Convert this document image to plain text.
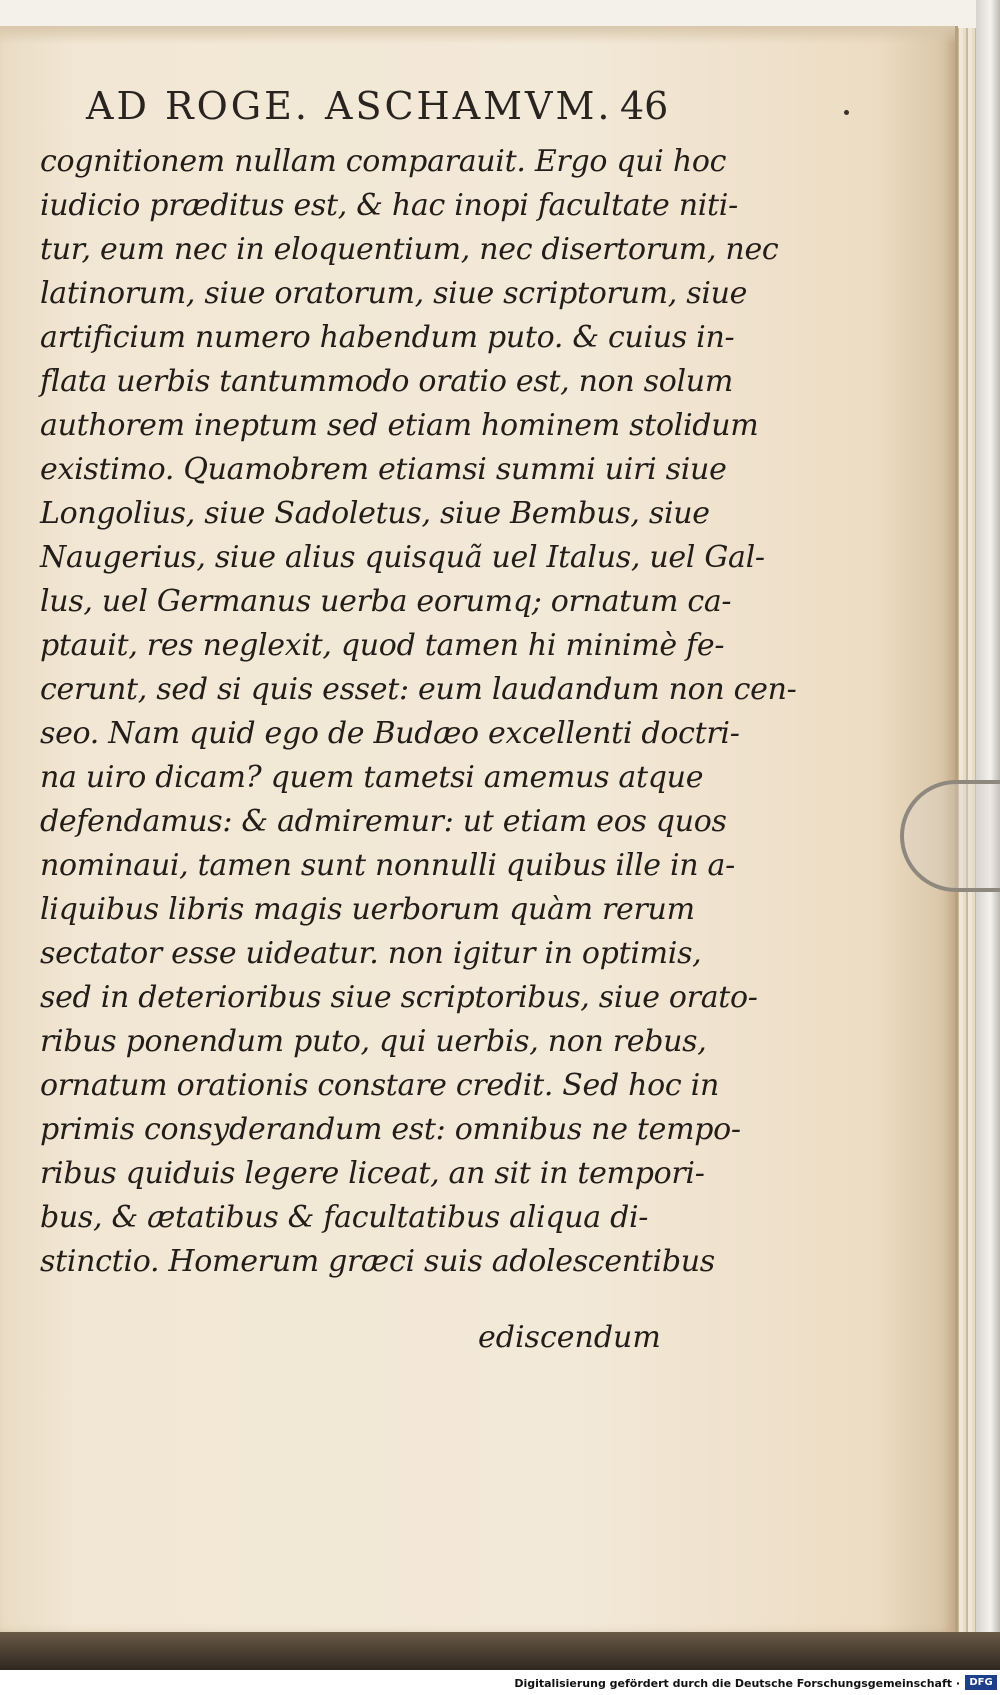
AD ROGE. ASCHAMVM. 46
cognitionem nullam comparauit. Ergo qui hoc
iudicio præditus est, & hac inopi facultate niti-
tur, eum nec in eloquentium, nec disertorum, nec
latinorum, siue oratorum, siue scriptorum, siue
artificium numero habendum puto. & cuius in-
flata uerbis tantummodo oratio est, non solum
authorem ineptum sed etiam hominem stolidum
existimo. Quamobrem etiamsi summi uiri siue
Longolius, siue Sadoletus, siue Bembus, siue
Naugerius, siue alius quisquã uel Italus, uel Gal-
lus, uel Germanus uerba eorumq; ornatum ca-
ptauit, res neglexit, quod tamen hi minimè fe-
cerunt, sed si quis esset: eum laudandum non cen-
seo. Nam quid ego de Budæo excellenti doctri-
na uiro dicam? quem tametsi amemus atque
defendamus: & admiremur: ut etiam eos quos
nominaui, tamen sunt nonnulli quibus ille in a-
liquibus libris magis uerborum quàm rerum
sectator esse uideatur. non igitur in optimis,
sed in deterioribus siue scriptoribus, siue orato-
ribus ponendum puto, qui uerbis, non rebus,
ornatum orationis constare credit. Sed hoc in
primis consyderandum est: omnibus ne tempo-
ribus quiduis legere liceat, an sit in tempori-
bus, & ætatibus & facultatibus aliqua di-
stinctio. Homerum græci suis adolescentibus
ediscendum
Digitalisierung gefördert durch die Deutsche Forschungsgemeinschaft · DFG
